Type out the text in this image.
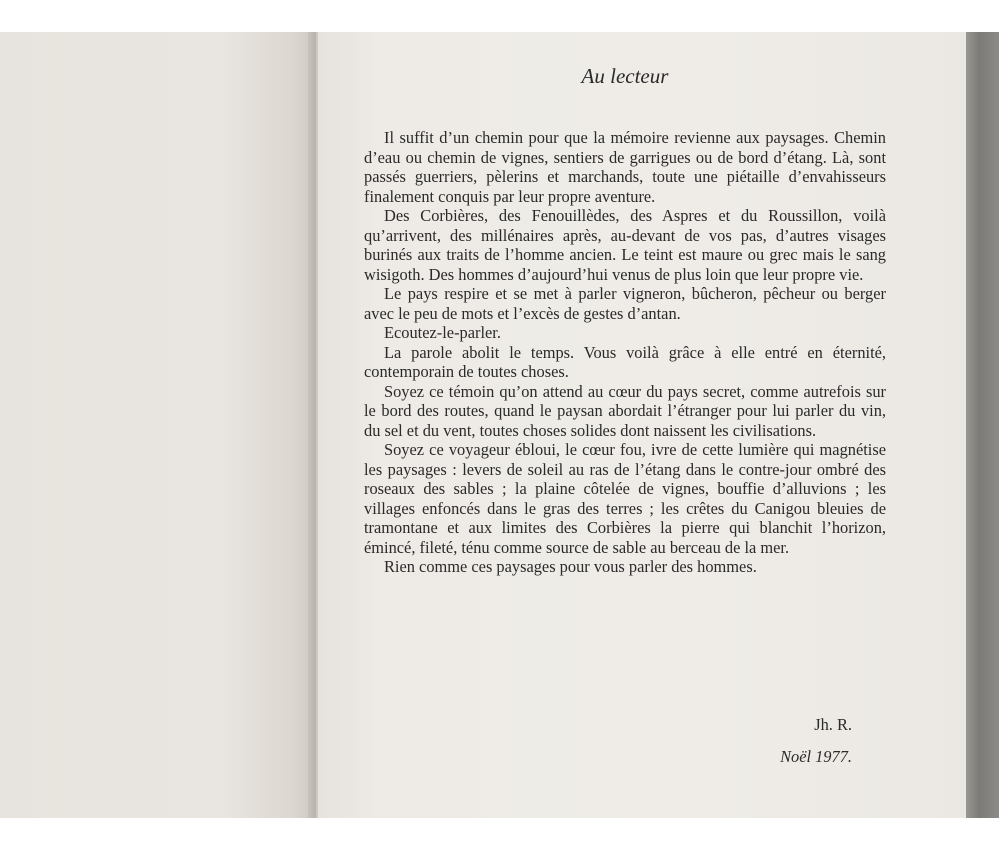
Au lecteur

Il suffit d’un chemin pour que la mémoire revienne aux paysages. Chemin d’eau ou chemin de vignes, sentiers de garrigues ou de bord d’étang. Là, sont passés guerriers, pèlerins et marchands, toute une piétaille d’envahisseurs finalement conquis par leur propre aventure.

Des Corbières, des Fenouillèdes, des Aspres et du Roussillon, voilà qu’arrivent, des millénaires après, au-devant de vos pas, d’autres visages burinés aux traits de l’homme ancien. Le teint est maure ou grec mais le sang wisigoth. Des hommes d’aujourd’hui venus de plus loin que leur propre vie.

Le pays respire et se met à parler vigneron, bûcheron, pêcheur ou berger avec le peu de mots et l’excès de gestes d’antan.

Ecoutez-le-parler.

La parole abolit le temps. Vous voilà grâce à elle entré en éternité, contemporain de toutes choses.

Soyez ce témoin qu’on attend au cœur du pays secret, comme autrefois sur le bord des routes, quand le paysan abordait l’étranger pour lui parler du vin, du sel et du vent, toutes choses solides dont naissent les civilisations.

Soyez ce voyageur ébloui, le cœur fou, ivre de cette lumière qui magnétise les paysages : levers de soleil au ras de l’étang dans le contre-jour ombré des roseaux des sables ; la plaine côtelée de vignes, bouffie d’alluvions ; les villages enfoncés dans le gras des terres ; les crêtes du Canigou bleuies de tramontane et aux limites des Corbières la pierre qui blanchit l’horizon, émincé, fileté, ténu comme source de sable au berceau de la mer.

Rien comme ces paysages pour vous parler des hommes.

Jh. R.
Noël 1977.
